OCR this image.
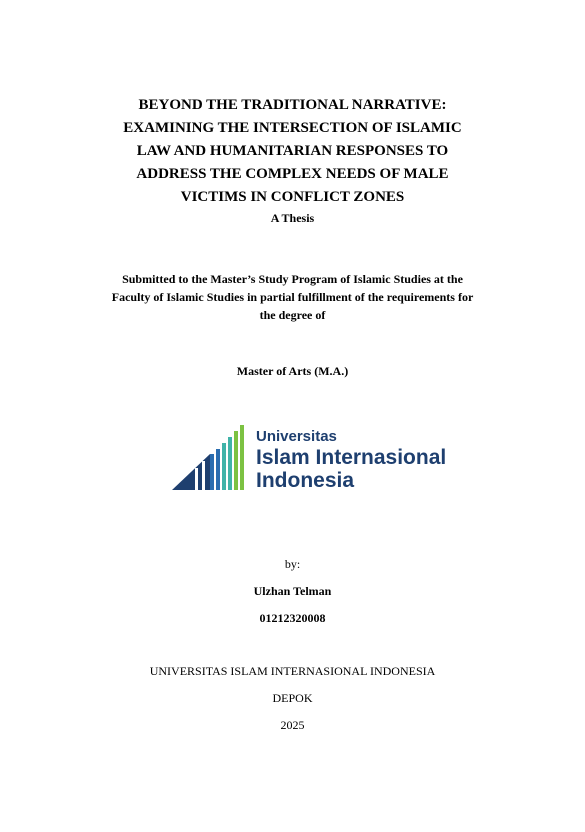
BEYOND THE TRADITIONAL NARRATIVE:
EXAMINING THE INTERSECTION OF ISLAMIC
LAW AND HUMANITARIAN RESPONSES TO
ADDRESS THE COMPLEX NEEDS OF MALE
VICTIMS IN CONFLICT ZONES
A Thesis
Submitted to the Master’s Study Program of Islamic Studies at the
Faculty of Islamic Studies in partial fulfillment of the requirements for
the degree of
Master of Arts (M.A.)
Universitas
Islam Internasional
Indonesia
by:
Ulzhan Telman
01212320008
UNIVERSITAS ISLAM INTERNASIONAL INDONESIA
DEPOK
2025
